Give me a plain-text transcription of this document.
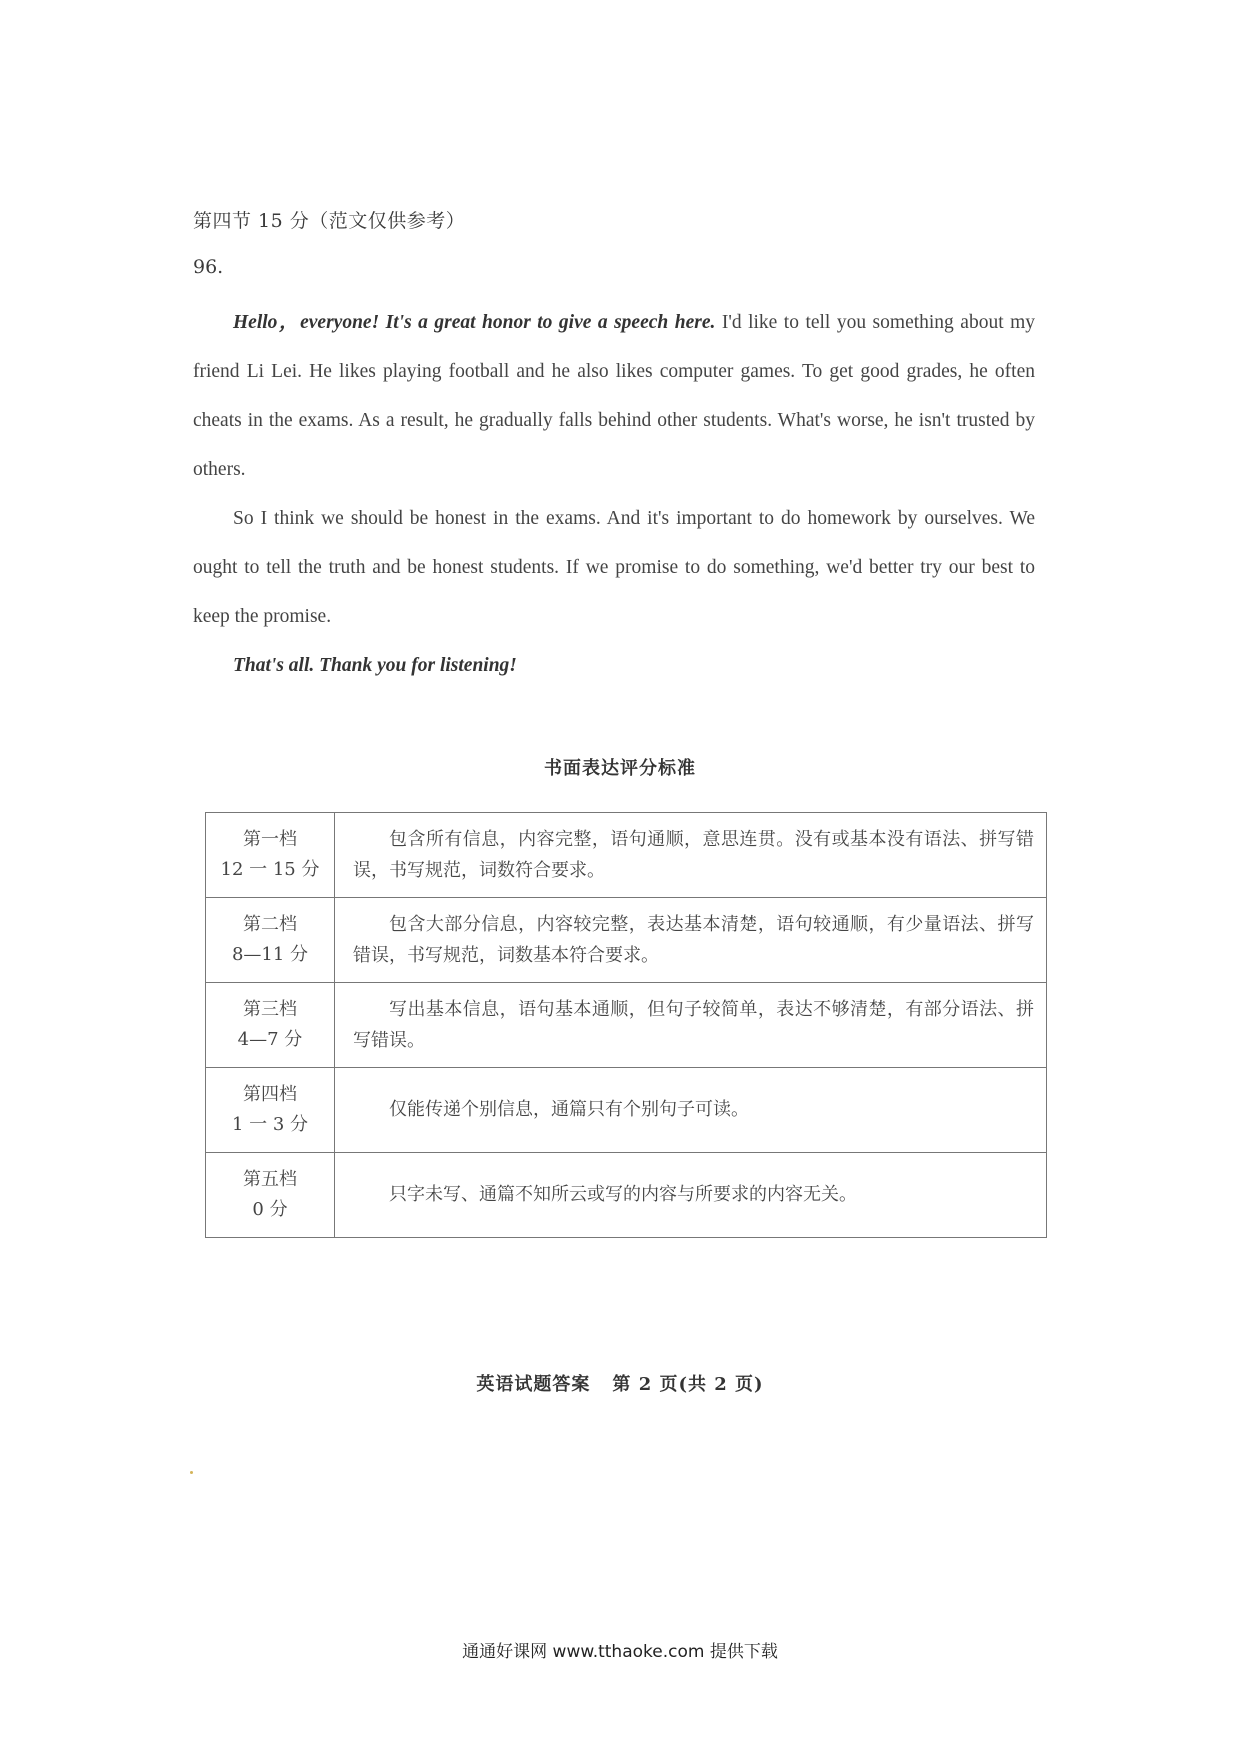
第四节 15 分（范文仅供参考）
96.

Hello，everyone! It's a great honor to give a speech here. I'd like to tell you something about my friend Li Lei. He likes playing football and he also likes computer games. To get good grades, he often cheats in the exams. As a result, he gradually falls behind other students. What's worse, he isn't trusted by others.

So I think we should be honest in the exams. And it's important to do homework by ourselves. We ought to tell the truth and be honest students. If we promise to do something, we'd better try our best to keep the promise.

That's all. Thank you for listening!

书面表达评分标准
第一档
12 一 15 分	包含所有信息，内容完整，语句通顺，意思连贯。没有或基本没有语法、拼写错误，书写规范，词数符合要求。

第二档
8—11 分	包含大部分信息，内容较完整，表达基本清楚，语句较通顺，有少量语法、拼写错误，书写规范，词数基本符合要求。

第三档
4—7 分	写出基本信息，语句基本通顺，但句子较简单，表达不够清楚，有部分语法、拼写错误。

第四档
1 一 3 分	仅能传递个别信息，通篇只有个别句子可读。

第五档
0 分	只字未写、通篇不知所云或写的内容与所要求的内容无关。
英语试题答案 第 2 页(共 2 页)
通通好课网 www.tthaoke.com 提供下载
